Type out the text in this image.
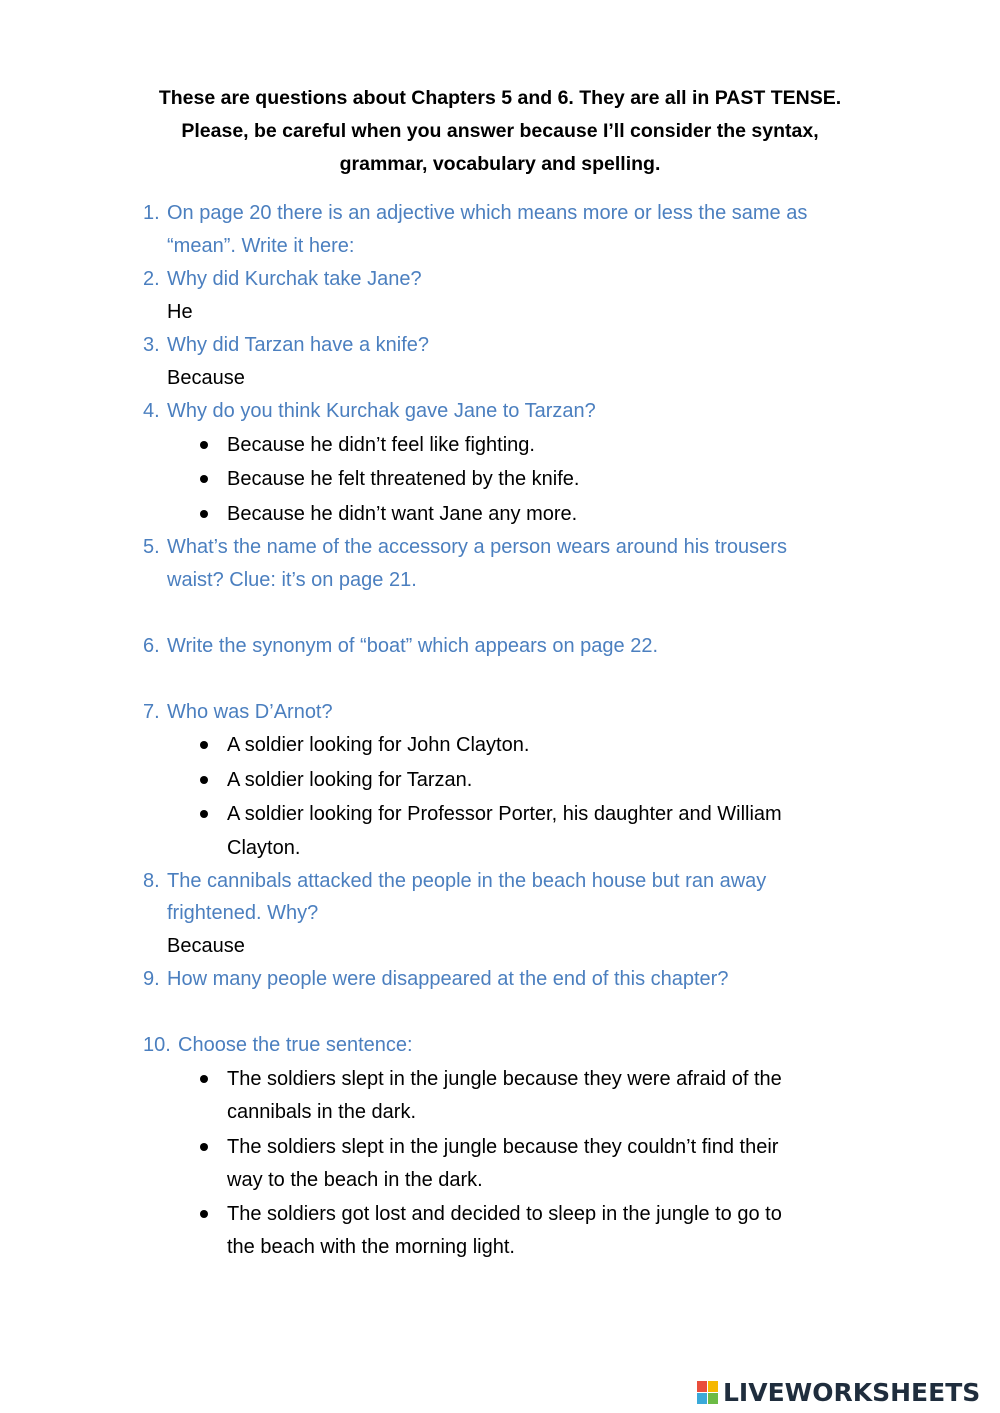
These are questions about Chapters 5 and 6. They are all in PAST TENSE.
Please, be careful when you answer because I’ll consider the syntax,
grammar, vocabulary and spelling.
1. On page 20 there is an adjective which means more or less the same as
“mean”. Write it here:
2. Why did Kurchak take Jane?
He
3. Why did Tarzan have a knife?
Because
4. Why do you think Kurchak gave Jane to Tarzan?
Because he didn’t feel like fighting.
Because he felt threatened by the knife.
Because he didn’t want Jane any more.
5. What’s the name of the accessory a person wears around his trousers
waist? Clue: it’s on page 21.
6. Write the synonym of “boat” which appears on page 22.
7. Who was D’Arnot?
A soldier looking for John Clayton.
A soldier looking for Tarzan.
A soldier looking for Professor Porter, his daughter and William
Clayton.
8. The cannibals attacked the people in the beach house but ran away
frightened. Why?
Because
9. How many people were disappeared at the end of this chapter?
10. Choose the true sentence:
The soldiers slept in the jungle because they were afraid of the
cannibals in the dark.
The soldiers slept in the jungle because they couldn’t find their
way to the beach in the dark.
The soldiers got lost and decided to sleep in the jungle to go to
the beach with the morning light.
LIVEWORKSHEETS
